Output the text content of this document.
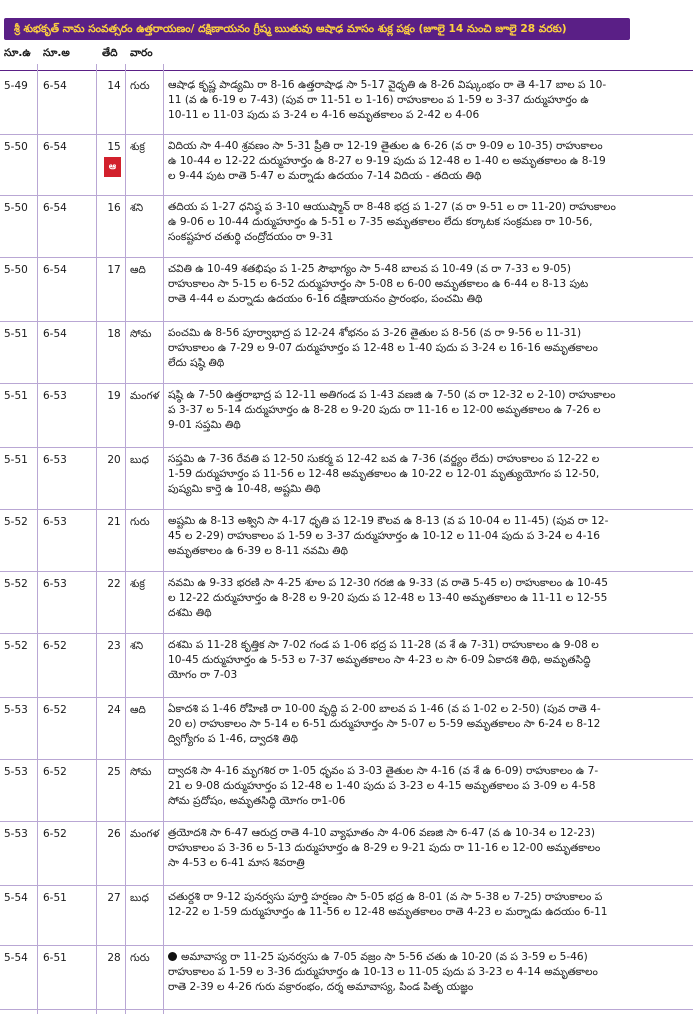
శ్రీ శుభకృత్ నామ సంవత్సరం ఉత్తరాయణం/ దక్షిణాయనం గ్రీష్మ ఋతువు ఆషాఢ మాసం శుక్ల పక్షం (జూలై 14 నుంచి జూలై 28 వరకు)
సూ.ఉ సూ.అ	తేది వారం
5-49 6-54	14 గురు ఆషాఢ కృష్ణ పాడ్యమి రా 8-16 ఉత్తరాషాఢ సా 5-17 వైధృతి ఉ 8-26 విష్కుంభం రా తె 4-17 బాల ప 10-
11 (వ ఉ 6-19 ల 7-43) (పువ రా 11-51 ల 1-16) రాహుకాలం ప 1-59 ల 3-37 దుర్ముహూర్తం ఉ
10-11 ల 11-03 పుదు ప 3-24 ల 4-16 అమృతకాలం ప 2-42 ల 4-06
5-50 6-54	15 శుక్ర
ఆ
విదియ సా 4-40 శ్రవణం సా 5-31 ప్రీతి రా 12-19 తైతుల ఉ 6-26 (వ రా 9-09 ల 10-35) రాహుకాలం
ఉ 10-44 ల 12-22 దుర్ముహూర్తం ఉ 8-27 ల 9-19 పుదు ప 12-48 ల 1-40 ల అమృతకాలం ఉ 8-19
ల 9-44 పుట రాతె 5-47 ల మర్నాడు ఉదయం 7-14 విదియ - తదియ తిథి
5-50 6-54	16 శని తదియ ప 1-27 ధనిష్ఠ ప 3-10 ఆయుష్మాన్ రా 8-48 భద్ర ప 1-27 (వ రా 9-51 ల రా 11-20) రాహుకాలం
ఉ 9-06 ల 10-44 దుర్ముహూర్తం ఉ 5-51 ల 7-35 అమృతకాలం లేదు కర్కాటక సంక్రమణ రా 10-56,
సంకష్టహర చతుర్థి చంద్రోదయం రా 9-31
5-50 6-54	17 ఆది చవితి ఉ 10-49 శతభిషం ప 1-25 సౌభాగ్యం సా 5-48 బాలవ ప 10-49 (వ రా 7-33 ల 9-05)
రాహుకాలం సా 5-15 ల 6-52 దుర్ముహూర్తం సా 5-08 ల 6-00 అమృతకాలం ఉ 6-44 ల 8-13 పుట
రాతె 4-44 ల మర్నాడు ఉదయం 6-16 దక్షిణాయనం ప్రారంభం, పంచమి తిథి
5-51 6-54	18 సోమ పంచమి ఉ 8-56 పూర్వాభాద్ర ప 12-24 శోభనం ప 3-26 తైతుల ప 8-56 (వ రా 9-56 ల 11-31)
రాహుకాలం ఉ 7-29 ల 9-07 దుర్ముహూర్తం ప 12-48 ల 1-40 పుదు ప 3-24 ల 16-16 అమృతకాలం
లేదు షష్ఠి తిథి
5-51 6-53	19 మంగళ షష్ఠి ఉ 7-50 ఉత్తరాభాద్ర ప 12-11 అతిగండ ప 1-43 వణజి ఉ 7-50 (వ రా 12-32 ల 2-10) రాహుకాలం
ప 3-37 ల 5-14 దుర్ముహూర్తం ఉ 8-28 ల 9-20 పుదు రా 11-16 ల 12-00 అమృతకాలం ఉ 7-26 ల
9-01 సప్తమి తిథి
5-51 6-53	20 బుధ సప్తమి ఉ 7-36 రేవతి ప 12-50 సుకర్మ ప 12-42 బవ ఉ 7-36 (వర్జ్యం లేదు) రాహుకాలం ప 12-22 ల
1-59 దుర్ముహూర్తం ప 11-56 ల 12-48 అమృతకాలం ఉ 10-22 ల 12-01 మృత్యుయోగం ప 12-50,
పుష్యమి కార్తె ఉ 10-48, అష్టమి తిథి
5-52 6-53	21 గురు అష్టమి ఉ 8-13 అశ్విని సా 4-17 ధృతి ప 12-19 కౌలవ ఉ 8-13 (వ ప 10-04 ల 11-45) (పువ రా 12-
45 ల 2-29) రాహుకాలం ప 1-59 ల 3-37 దుర్ముహూర్తం ఉ 10-12 ల 11-04 పుదు ప 3-24 ల 4-16
అమృతకాలం ఉ 6-39 ల 8-11 నవమి తిథి
5-52 6-53	22 శుక్ర నవమి ఉ 9-33 భరణి సా 4-25 శూల ప 12-30 గరజి ఉ 9-33 (వ రాతె 5-45 ల) రాహుకాలం ఉ 10-45
ల 12-22 దుర్ముహూర్తం ఉ 8-28 ల 9-20 పుదు ప 12-48 ల 13-40 అమృతకాలం ఉ 11-11 ల 12-55
దశమి తిథి
5-52 6-52	23 శని దశమి ప 11-28 కృత్తిక సా 7-02 గండ ప 1-06 భద్ర ప 11-28 (వ శే ఉ 7-31) రాహుకాలం ఉ 9-08 ల
10-45 దుర్ముహూర్తం ఉ 5-53 ల 7-37 అమృతకాలం సా 4-23 ల సా 6-09 ఏకాదశి తిథి, అమృతసిద్ధి
యోగం రా 7-03
5-53 6-52	24 ఆది ఏకాదశి ప 1-46 రోహిణి రా 10-00 వృద్ధి ప 2-00 బాలవ ప 1-46 (వ ప 1-02 ల 2-50) (పువ రాతె 4-
20 ల) రాహుకాలం సా 5-14 ల 6-51 దుర్ముహూర్తం సా 5-07 ల 5-59 అమృతకాలం సా 6-24 ల 8-12
ద్విగ్యోగం ప 1-46, ద్వాదశి తిథి
5-53 6-52	25 సోమ ద్వాదశి సా 4-16 మృగశిర రా 1-05 ధృవం ప 3-03 తైతుల సా 4-16 (వ శే ఉ 6-09) రాహుకాలం ఉ 7-
21 ల 9-08 దుర్ముహూర్తం ప 12-48 ల 1-40 పుదు ప 3-23 ల 4-15 అమృతకాలం ప 3-09 ల 4-58
సోమ ప్రదోషం, అమృతసిద్ధి యోగం రా1-06
5-53 6-52	26 మంగళ త్రయోదశి సా 6-47 ఆరుద్ర రాతె 4-10 వ్యాఘాతం సా 4-06 వణజి సా 6-47 (వ ఉ 10-34 ల 12-23)
రాహుకాలం ప 3-36 ల 5-13 దుర్ముహూర్తం ఉ 8-29 ల 9-21 పుదు రా 11-16 ల 12-00 అమృతకాలం
సా 4-53 ల 6-41 మాస శివరాత్రి
5-54 6-51	27 బుధ చతుర్దశి రా 9-12 పునర్వసు పూర్తి హర్షణం సా 5-05 భద్ర ఉ 8-01 (వ సా 5-38 ల 7-25) రాహుకాలం ప
12-22 ల 1-59 దుర్ముహూర్తం ఉ 11-56 ల 12-48 అమృతకాలం రాతె 4-23 ల మర్నాడు ఉదయం 6-11
5-54 6-51	28 గురు	అమావాస్య రా 11-25 పునర్వసు ఉ 7-05 వజ్రం సా 5-56 చతు ఉ 10-20 (వ ప 3-59 ల 5-46)
రాహుకాలం ప 1-59 ల 3-36 దుర్ముహూర్తం ఉ 10-13 ల 11-05 పుదు ప 3-23 ల 4-14 అమృతకాలం
రాతె 2-39 ల 4-26 గురు వక్రారంభం, దర్శ అమావాస్య, పిండ పితృ యజ్ఞం
